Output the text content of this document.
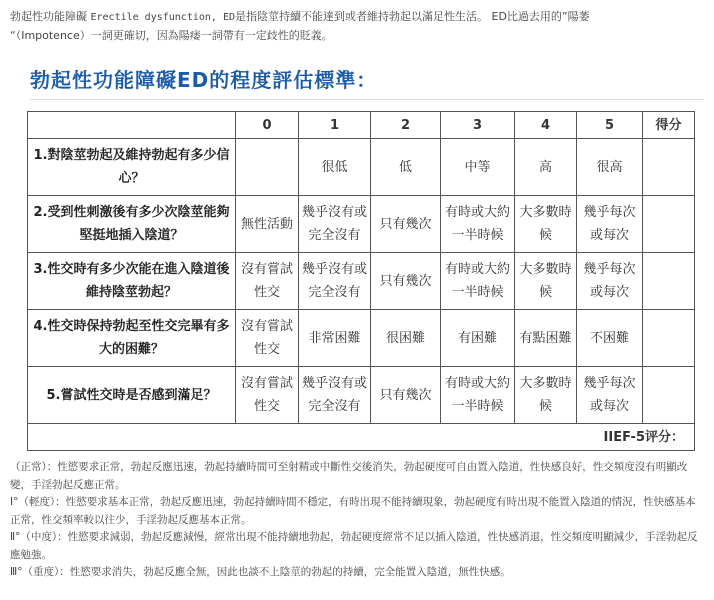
勃起性功能障礙 Erectile dysfunction, ED是指陰莖持續不能達到或者維持勃起以滿足性生活。 ED比過去用的”陽萎
“（Impotence）一詞更確切，因為陽痿一詞帶有一定歧性的貶義。
勃起性功能障礙ED的程度評估標準：
	0	1	2	3	4	5	得分
1.對陰莖勃起及維持勃起有多少信心？		很低	低	中等	高	很高	
2.受到性刺激後有多少次陰莖能夠堅挺地插入陰道？	無性活動	幾乎沒有或完全沒有	只有幾次	有時或大約一半時候	大多數時候	幾乎每次或每次	
3.性交時有多少次能在進入陰道後維持陰莖勃起？	沒有嘗試性交	幾乎沒有或完全沒有	只有幾次	有時或大約一半時候	大多數時候	幾乎每次或每次	
4.性交時保持勃起至性交完畢有多大的困難？	沒有嘗試性交	非常困難	很困難	有困難	有點困難	不困難	
5.嘗試性交時是否感到滿足？	沒有嘗試性交	幾乎沒有或完全沒有	只有幾次	有時或大約一半時候	大多數時候	幾乎每次或每次	
IIEF-5评分：							

（正常）：性慾要求正常，勃起反應迅速，勃起持續時間可至射精或中斷性交後消失，勃起硬度可自由置入陰道，性快感良好，性交頻度沒有明顯改變，手淫勃起反應正常。

Ⅰ°（輕度）：性慾要求基本正常，勃起反應迅速，勃起持續時間不穩定，有時出現不能持續現象，勃起硬度有時出現不能置入陰道的情況，性快感基本正常，性交頻率較以往少，手淫勃起反應基本正常。

Ⅱ°（中度）：性慾要求減弱，勃起反應減慢，經常出現不能持續地勃起，勃起硬度經常不足以插入陰道，性快感消退，性交頻度明顯減少，手淫勃起反應勉強。

Ⅲ°（重度）：性慾要求消失，勃起反應全無，因此也談不上陰莖的勃起的持續，完全能置入陰道，無性快感。
